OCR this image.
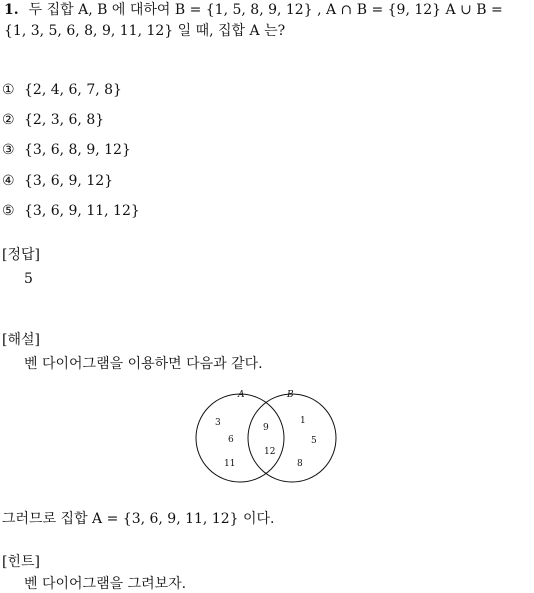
1. 두 집합 A, B 에 대하여 B = {1, 5, 8, 9, 12} , A ∩ B = {9, 12} A ∪ B =
{1, 3, 5, 6, 8, 9, 11, 12} 일 때, 집합 A 는?
① {2, 4, 6, 7, 8}
② {2, 3, 6, 8}
③ {3, 6, 8, 9, 12}
④ {3, 6, 9, 12}
⑤ {3, 6, 9, 11, 12}
[정답]
5
[해설]
벤 다이어그램을 이용하면 다음과 같다.
A	B
3
6
11
9
12
1
5
8
그러므로 집합 A = {3, 6, 9, 11, 12} 이다.
[힌트]
벤 다이어그램을 그려보자.
